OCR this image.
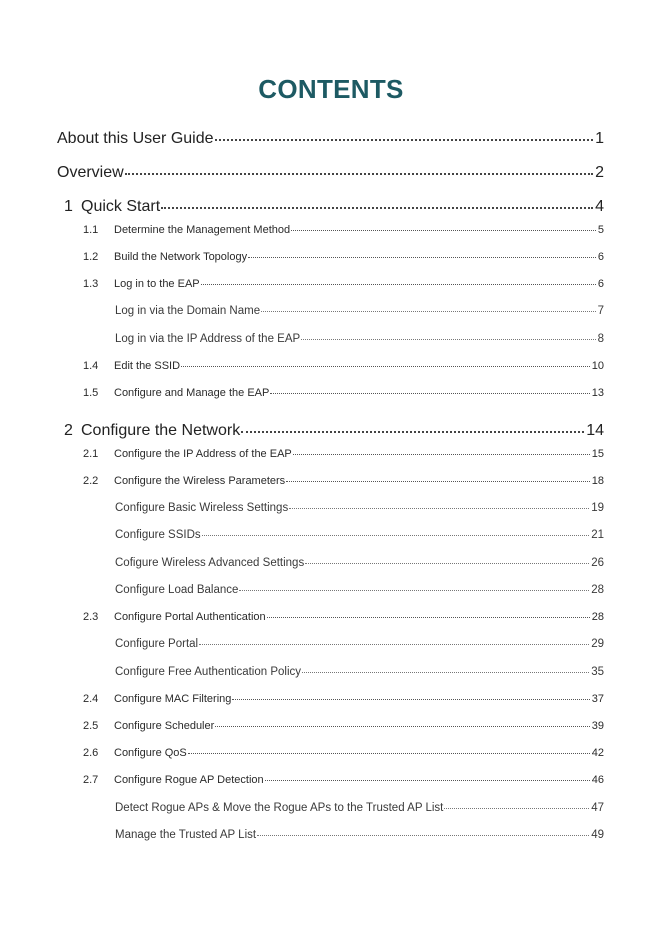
CONTENTS
About this User Guide	1
Overview	2
1 Quick Start	4
1.1	Determine the Management Method	5
1.2	Build the Network Topology	6
1.3	Log in to the EAP	6
Log in via the Domain Name	7
Log in via the IP Address of the EAP	8
1.4	Edit the SSID	10
1.5	Configure and Manage the EAP	13
2 Configure the Network	14
2.1	Configure the IP Address of the EAP	15
2.2	Configure the Wireless Parameters	18
Configure Basic Wireless Settings	19
Configure SSIDs	21
Cofigure Wireless Advanced Settings	26
Configure Load Balance	28
2.3	Configure Portal Authentication	28
Configure Portal	29
Configure Free Authentication Policy	35
2.4	Configure MAC Filtering	37
2.5	Configure Scheduler	39
2.6	Configure QoS	42
2.7	Configure Rogue AP Detection	46
Detect Rogue APs & Move the Rogue APs to the Trusted AP List	47
Manage the Trusted AP List	49
